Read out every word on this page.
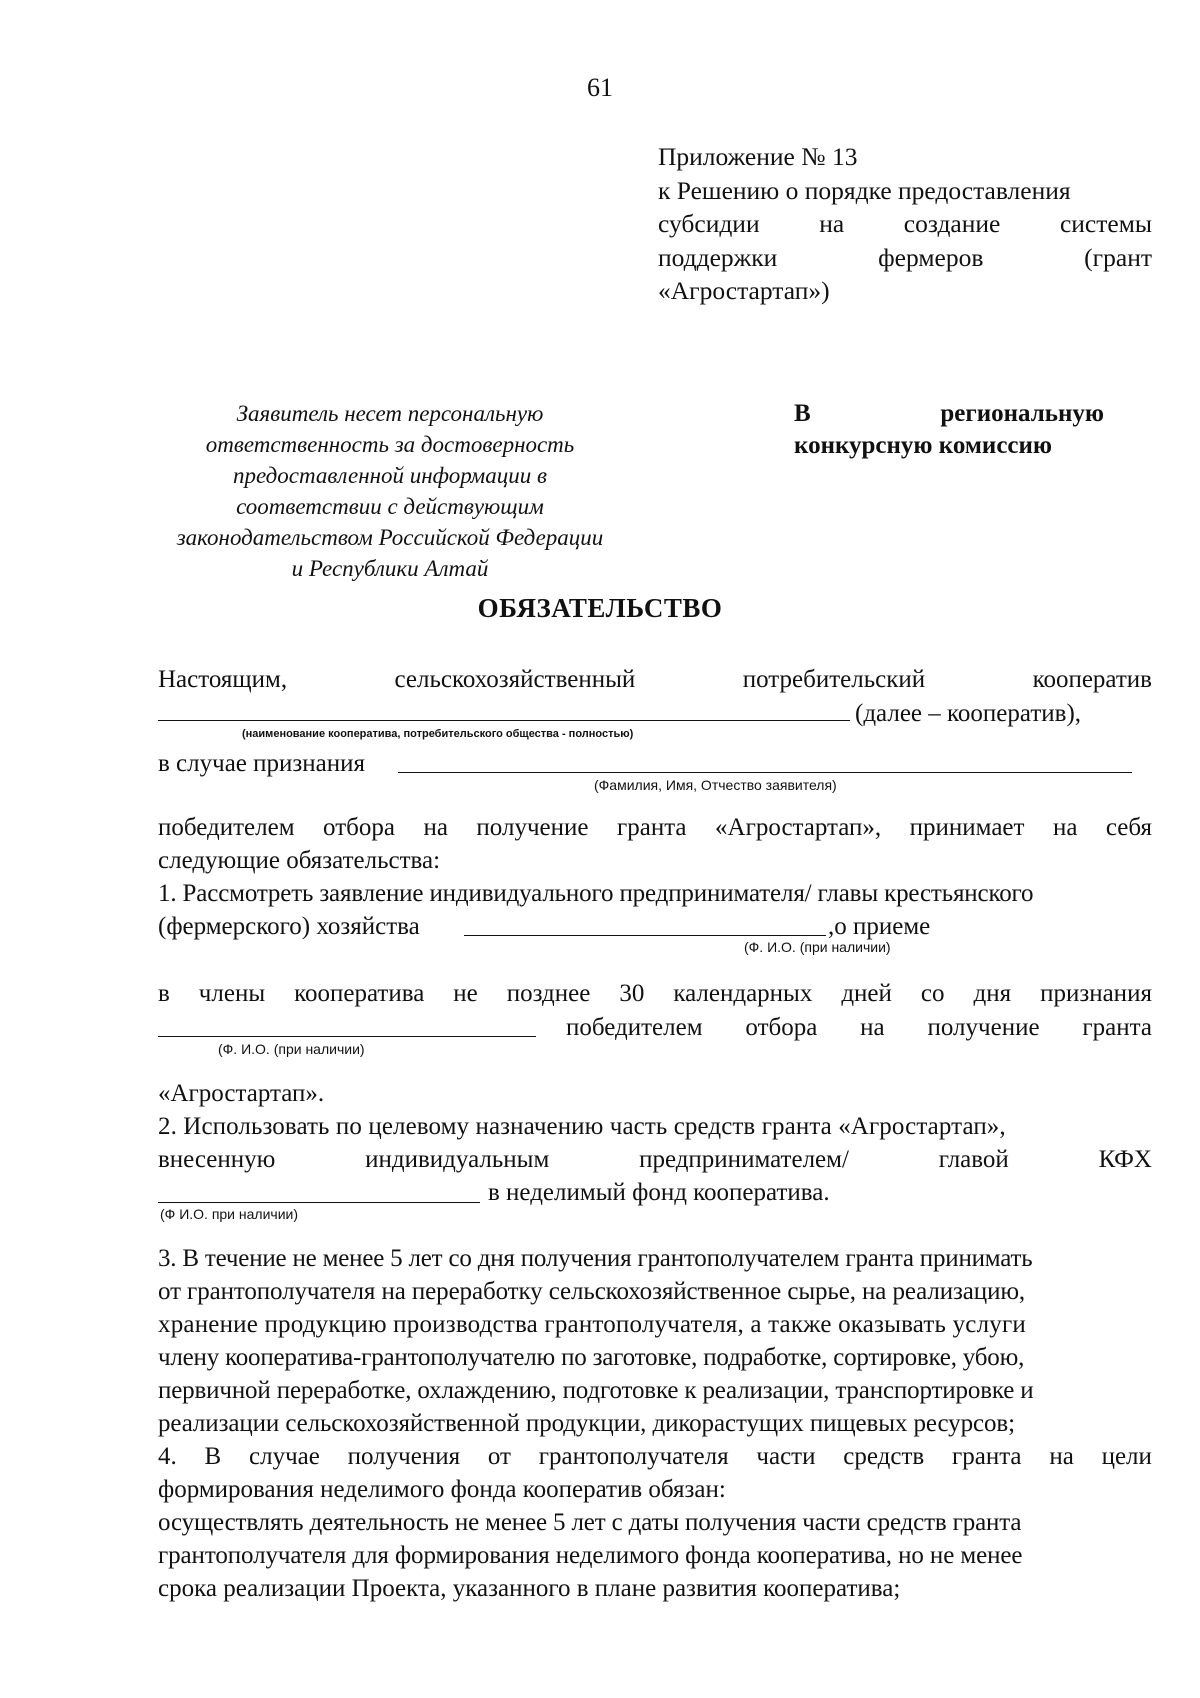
61
Приложение № 13
к Решению о порядке предоставления
субсидии на создание системы
поддержки	фермеров	(грант
«Агростартап»)
Заявитель несет персональную
ответственность за достоверность
предоставленной информации в
соответствии с действующим
законодательством Российской Федерации
и Республики Алтай
В	региональную
конкурсную комиссию
ОБЯЗАТЕЛЬСТВО
Настоящим,	сельскохозяйственный	потребительский	кооператив
(далее – кооператив),
(наименование кооператива, потребительского общества - полностью)
в случае признания
(Фамилия, Имя, Отчество заявителя)
победителем отбора на получение гранта «Агростартап», принимает на себя
следующие обязательства:
1. Рассмотреть заявление индивидуального предпринимателя/ главы крестьянского
(фермерского) хозяйства	,о приеме
(Ф. И.О. (при наличии)
в члены кооператива не позднее 30 календарных дней со дня признания
победителем отбора на получение гранта
(Ф. И.О. (при наличии)
«Агростартап».
2. Использовать по целевому назначению часть средств гранта «Агростартап»,
внесенную	индивидуальным	предпринимателем/	главой	КФХ
в неделимый фонд кооператива.
(Ф И.О. при наличии)
3. В течение не менее 5 лет со дня получения грантополучателем гранта принимать
от грантополучателя на переработку сельскохозяйственное сырье, на реализацию,
хранение продукцию производства грантополучателя, а также оказывать услуги
члену кооператива-грантополучателю по заготовке, подработке, сортировке, убою,
первичной переработке, охлаждению, подготовке к реализации, транспортировке и
реализации сельскохозяйственной продукции, дикорастущих пищевых ресурсов;
4. В случае получения от грантополучателя части средств гранта на цели
формирования неделимого фонда кооператив обязан:
осуществлять деятельность не менее 5 лет с даты получения части средств гранта
грантополучателя для формирования неделимого фонда кооператива, но не менее
срока реализации Проекта, указанного в плане развития кооператива;
